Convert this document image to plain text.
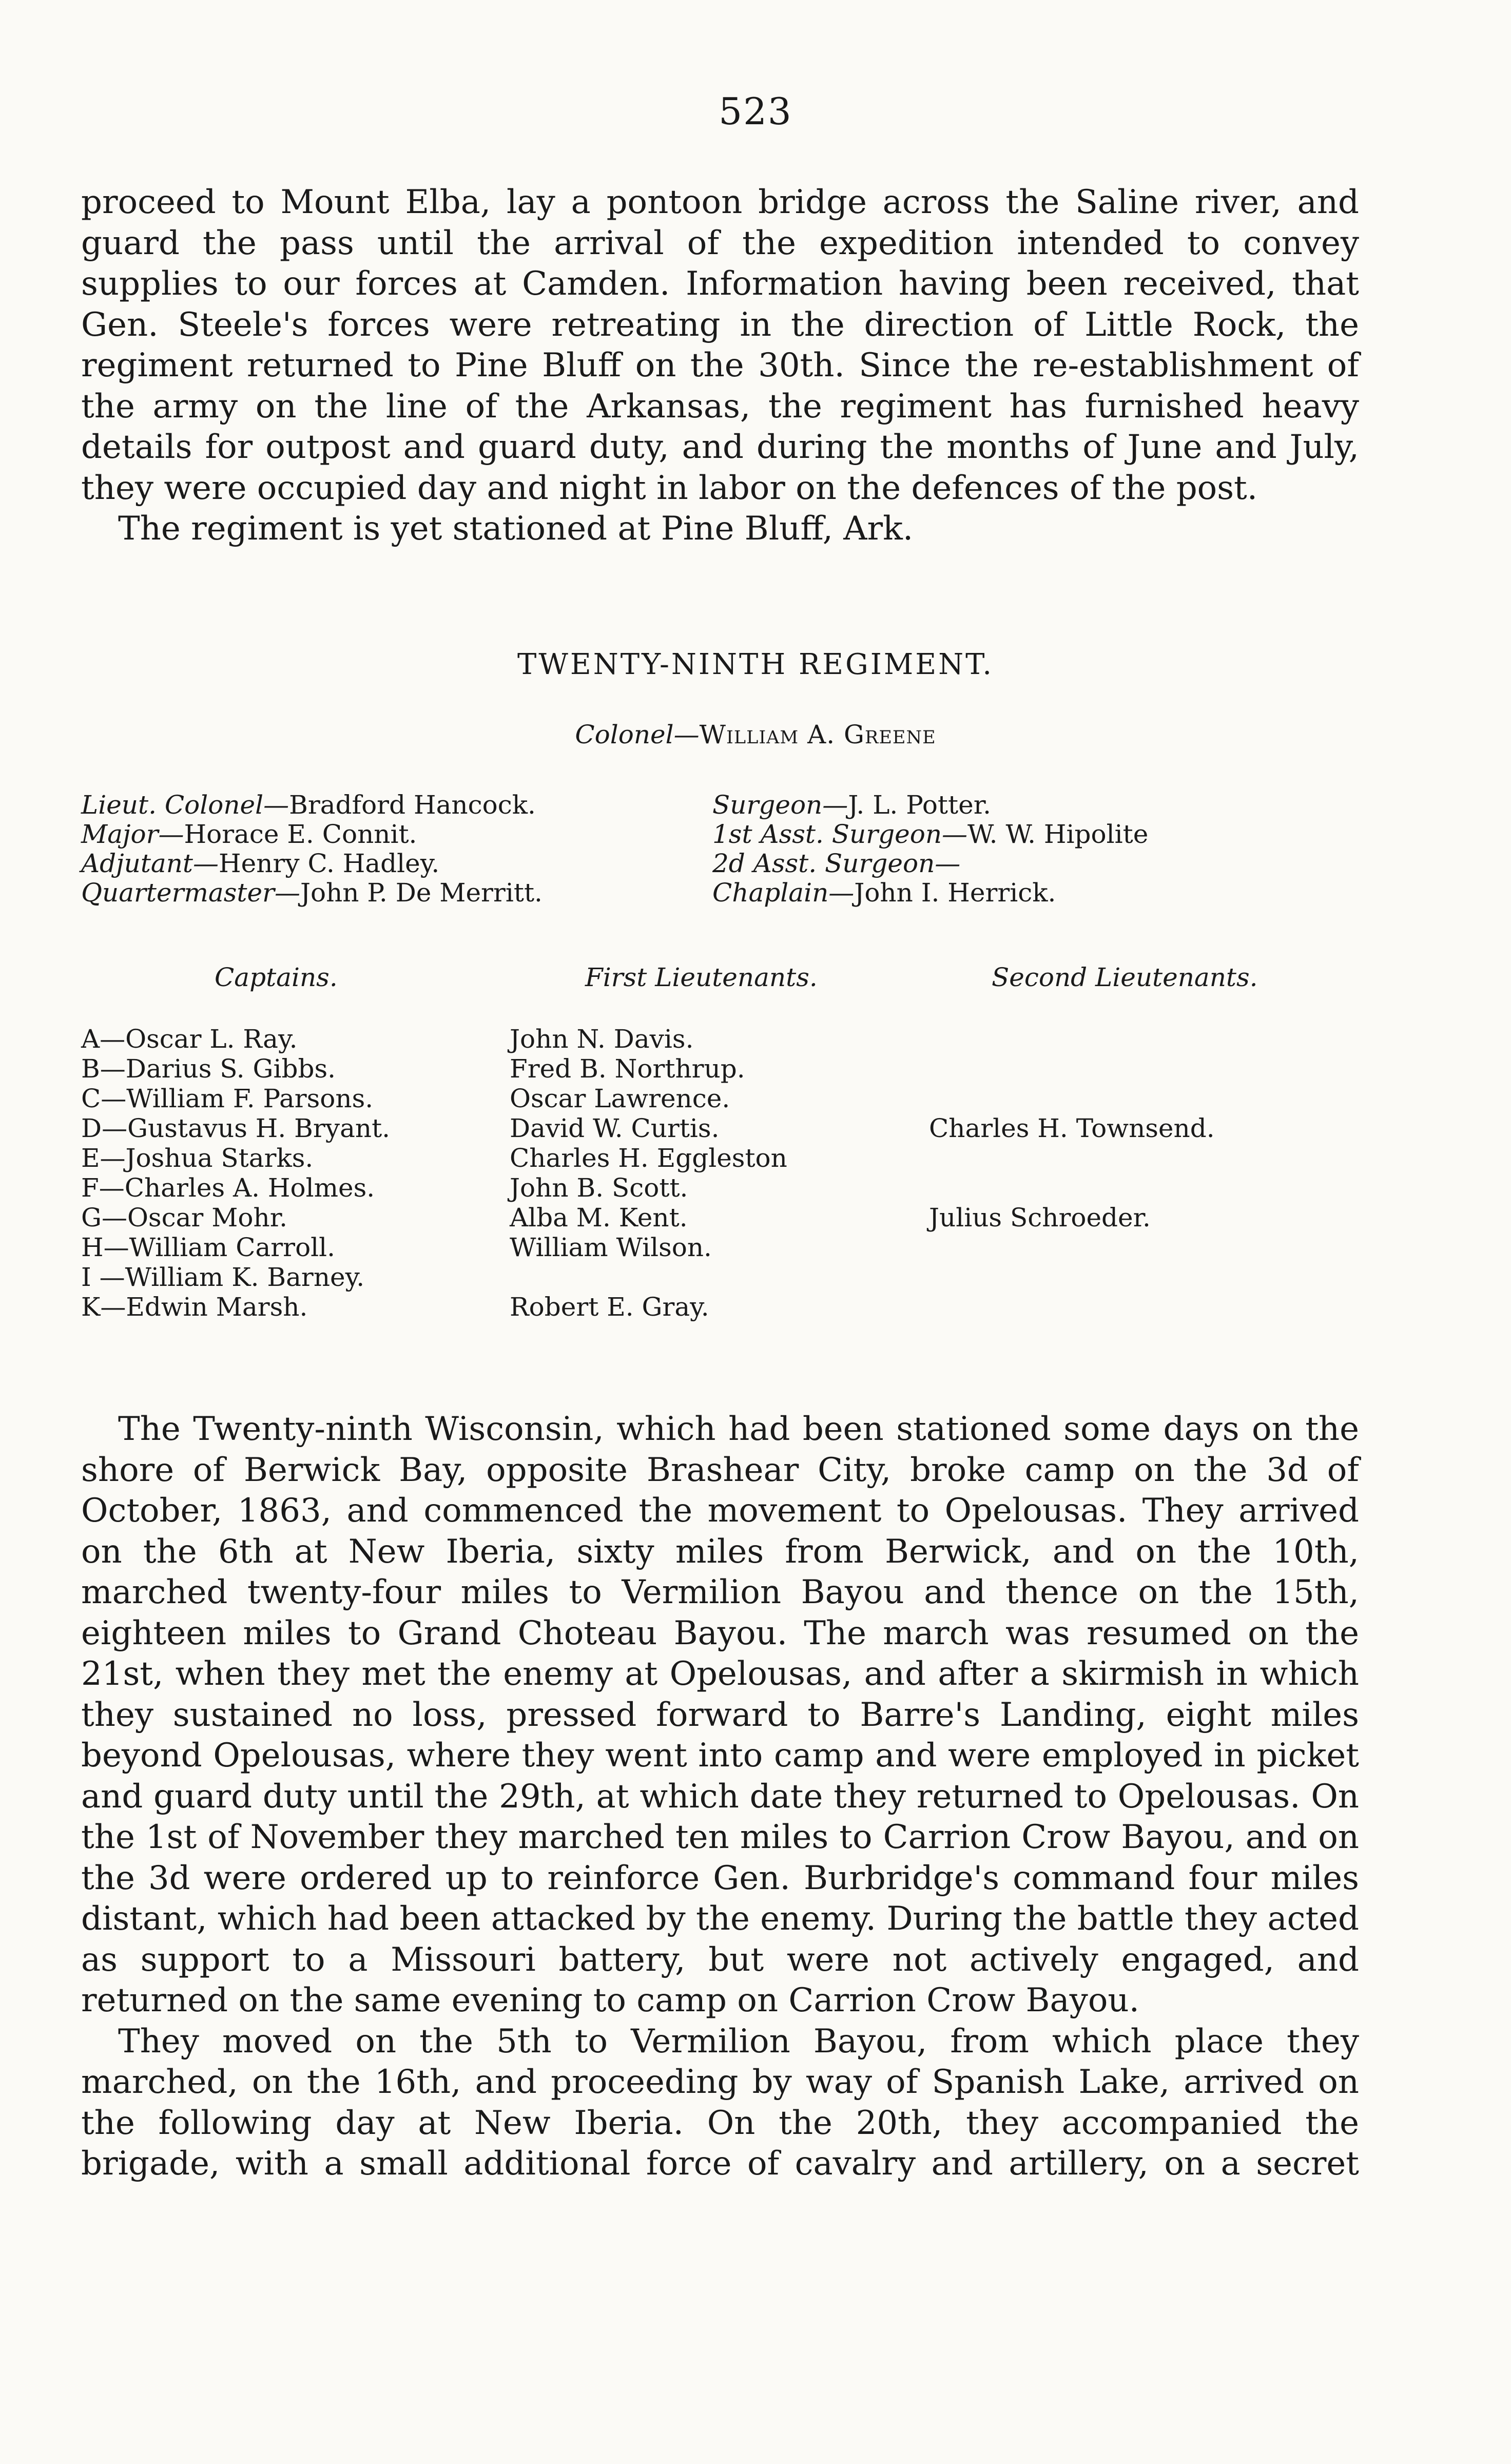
523

proceed to Mount Elba, lay a pontoon bridge across the Saline river, and guard the pass until the arrival of the expedition intended to convey supplies to our forces at Camden. Information having been received, that Gen. Steele's forces were retreating in the direction of Little Rock, the regiment returned to Pine Bluff on the 30th. Since the re-establishment of the army on the line of the Arkansas, the regiment has furnished heavy details for outpost and guard duty, and during the months of June and July, they were occupied day and night in labor on the defences of the post.

The regiment is yet stationed at Pine Bluff, Ark.

TWENTY-NINTH REGIMENT.
Colonel—William A. Greene
Lieut. Colonel—Bradford Hancock.
Major—Horace E. Connit.
Adjutant—Henry C. Hadley.
Quartermaster—John P. De Merritt.
Surgeon—J. L. Potter.
1st Asst. Surgeon—W. W. Hipolite
2d Asst. Surgeon—
Chaplain—John I. Herrick.
Captains.	First Lieutenants.	Second Lieutenants.
A—Oscar L. Ray.	John N. Davis.
B—Darius S. Gibbs.	Fred B. Northrup.
C—William F. Parsons.	Oscar Lawrence.
D—Gustavus H. Bryant.	David W. Curtis.	Charles H. Townsend.
E—Joshua Starks.	Charles H. Eggleston
F—Charles A. Holmes.	John B. Scott.
G—Oscar Mohr.	Alba M. Kent.	Julius Schroeder.
H—William Carroll.	William Wilson.
I —William K. Barney.
K—Edwin Marsh.	Robert E. Gray.

The Twenty-ninth Wisconsin, which had been stationed some days on the shore of Berwick Bay, opposite Brashear City, broke camp on the 3d of October, 1863, and commenced the movement to Opelousas. They arrived on the 6th at New Iberia, sixty miles from Berwick, and on the 10th, marched twenty-four miles to Vermilion Bayou and thence on the 15th, eighteen miles to Grand Choteau Bayou. The march was resumed on the 21st, when they met the enemy at Opelousas, and after a skirmish in which they sustained no loss, pressed forward to Barre's Landing, eight miles beyond Opelousas, where they went into camp and were employed in picket and guard duty until the 29th, at which date they returned to Opelousas. On the 1st of November they marched ten miles to Carrion Crow Bayou, and on the 3d were ordered up to reinforce Gen. Burbridge's command four miles distant, which had been attacked by the enemy. During the battle they acted as support to a Missouri battery, but were not actively engaged, and returned on the same evening to camp on Carrion Crow Bayou.

They moved on the 5th to Vermilion Bayou, from which place they marched, on the 16th, and proceeding by way of Spanish Lake, arrived on the following day at New Iberia. On the 20th, they accompanied the brigade, with a small additional force of cavalry and artillery, on a secret
